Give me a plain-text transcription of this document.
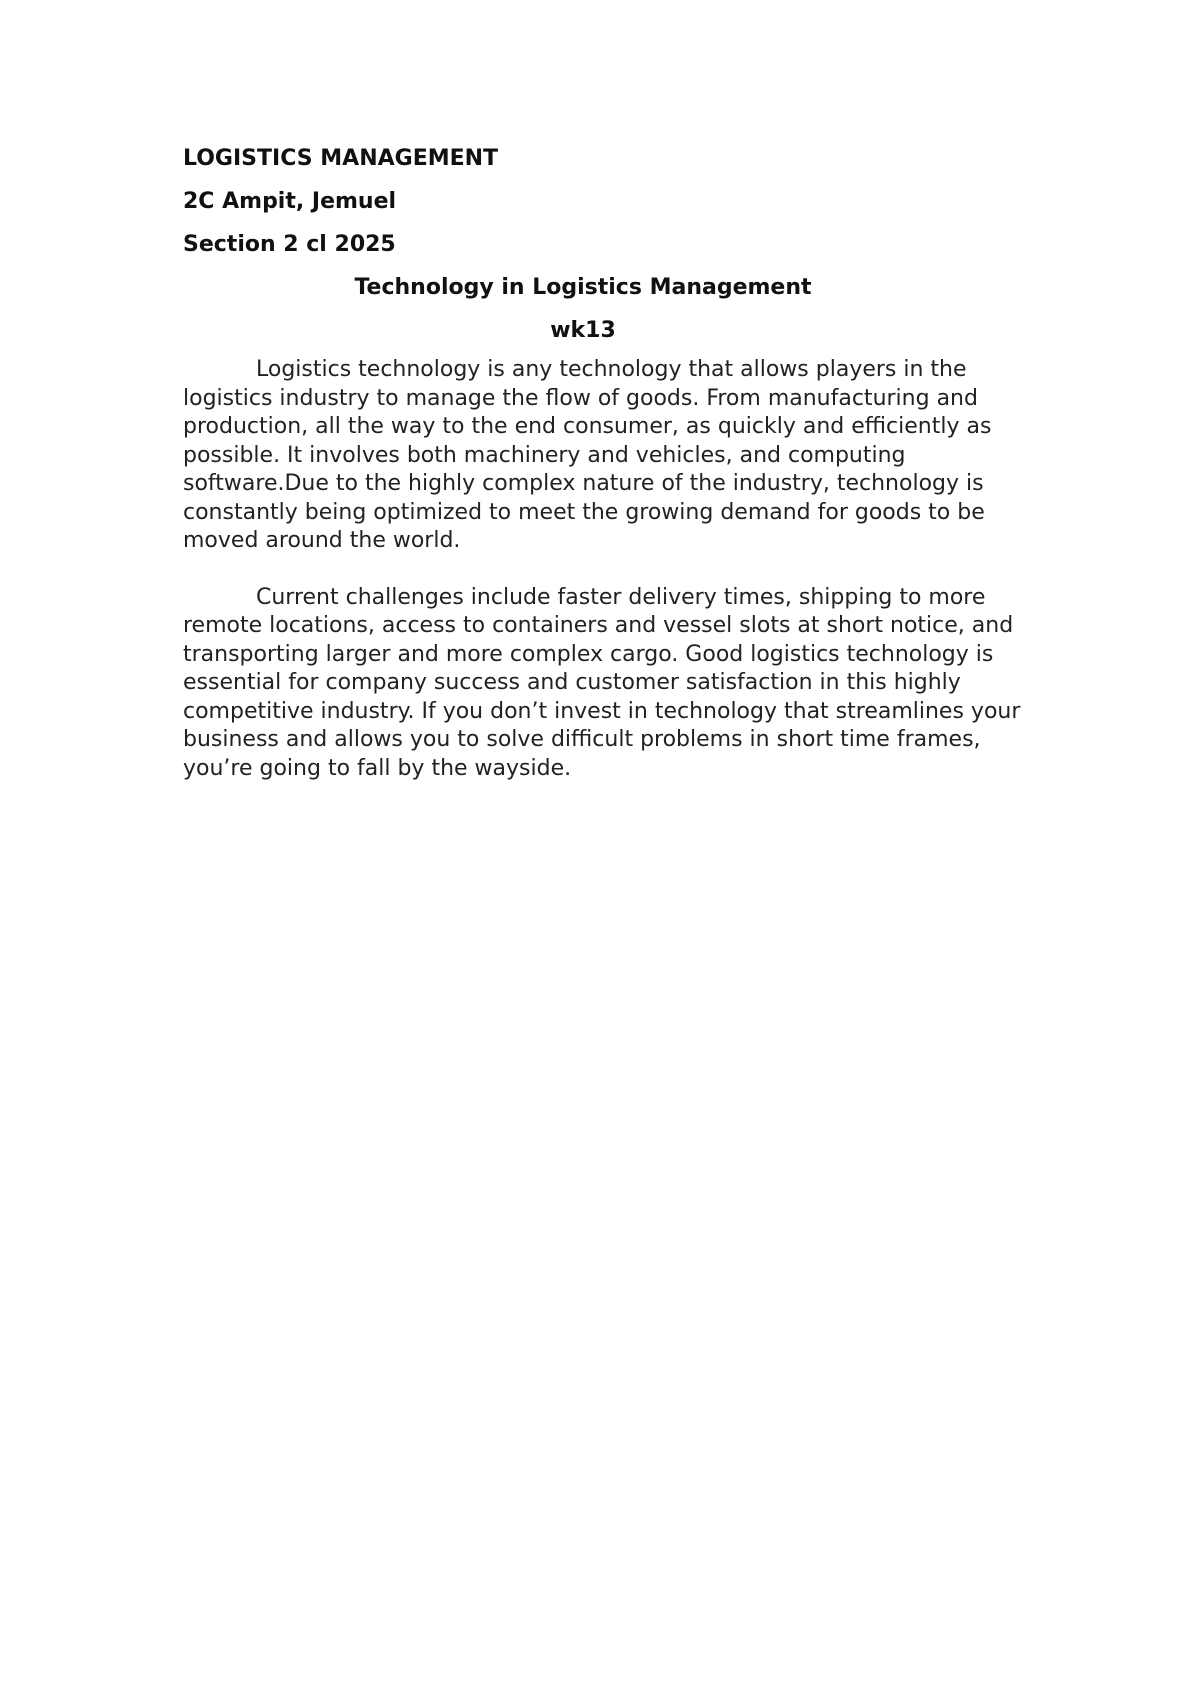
LOGISTICS MANAGEMENT

2C Ampit, Jemuel

Section 2 cl 2025

Technology in Logistics Management

wk13

Logistics technology is any technology that allows players in the logistics industry to manage the flow of goods. From manufacturing and production, all the way to the end consumer, as quickly and efficiently as possible. It involves both machinery and vehicles, and computing software.Due to the highly complex nature of the industry, technology is constantly being optimized to meet the growing demand for goods to be moved around the world.

Current challenges include faster delivery times, shipping to more remote locations, access to containers and vessel slots at short notice, and transporting larger and more complex cargo. Good logistics technology is essential for company success and customer satisfaction in this highly competitive industry. If you don’t invest in technology that streamlines your business and allows you to solve difficult problems in short time frames, you’re going to fall by the wayside.
